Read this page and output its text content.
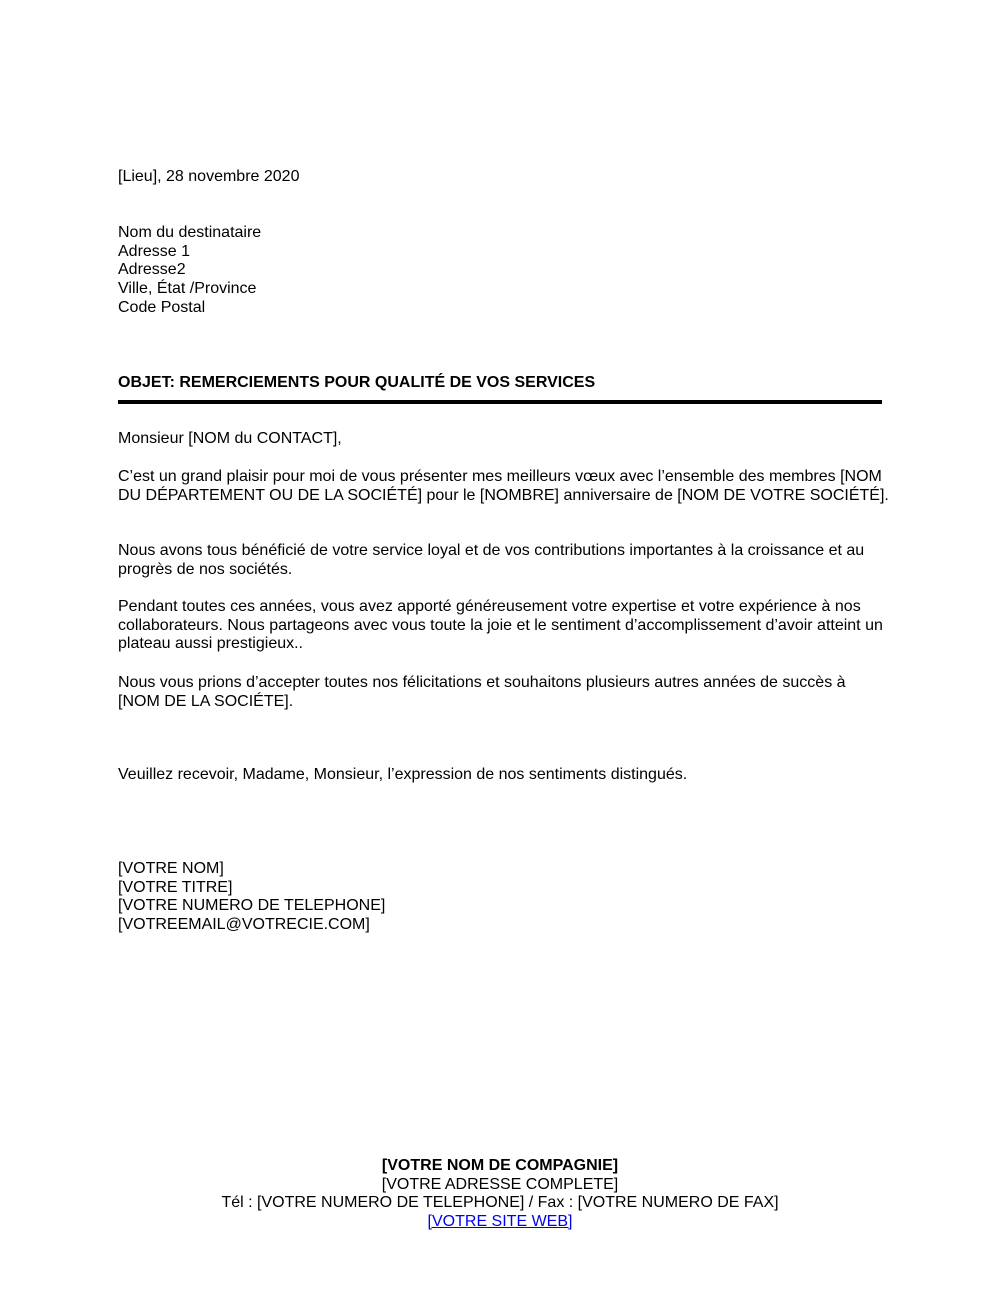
[Lieu], 28 novembre 2020
Nom du destinataire
Adresse 1
Adresse2
Ville, État /Province
Code Postal
OBJET: REMERCIEMENTS POUR QUALITÉ DE VOS SERVICES
Monsieur [NOM du CONTACT],
C’est un grand plaisir pour moi de vous présenter mes meilleurs vœux avec l’ensemble des membres [NOM DU DÉPARTEMENT OU DE LA SOCIÉTÉ] pour le [NOMBRE] anniversaire de [NOM DE VOTRE SOCIÉTÉ].
Nous avons tous bénéficié de votre service loyal et de vos contributions importantes à la croissance et au progrès de nos sociétés.
Pendant toutes ces années, vous avez apporté généreusement votre expertise et votre expérience à nos collaborateurs. Nous partageons avec vous toute la joie et le sentiment d’accomplissement d’avoir atteint un plateau aussi prestigieux..
Nous vous prions d’accepter toutes nos félicitations et souhaitons plusieurs autres années de succès à [NOM DE LA SOCIÉTE].
Veuillez recevoir, Madame, Monsieur, l’expression de nos sentiments distingués.
[VOTRE NOM]
[VOTRE TITRE]
[VOTRE NUMERO DE TELEPHONE]
[VOTREEMAIL@VOTRECIE.COM]
[VOTRE NOM DE COMPAGNIE]
[VOTRE ADRESSE COMPLETE]
Tél : [VOTRE NUMERO DE TELEPHONE] / Fax : [VOTRE NUMERO DE FAX]
[VOTRE SITE WEB]
